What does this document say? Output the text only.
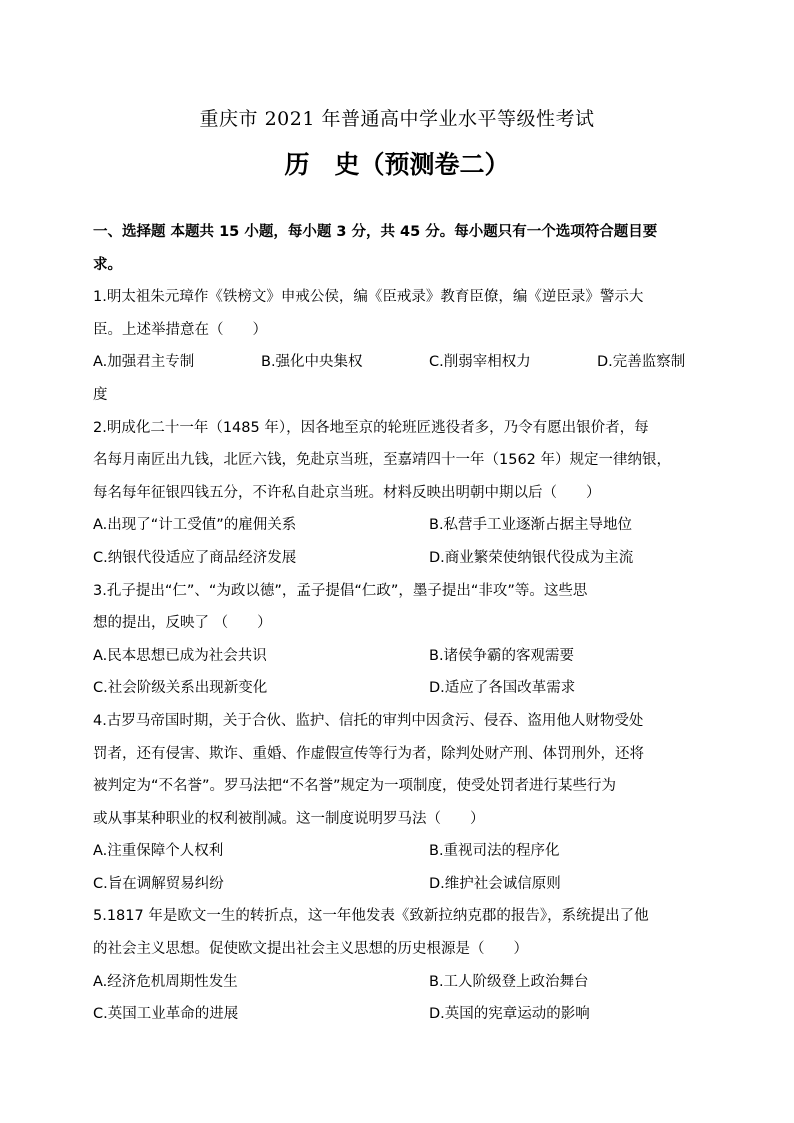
重庆市 2021 年普通高中学业水平等级性考试
历　史（预测卷二）
一、选择题 本题共 15 小题，每小题 3 分，共 45 分。每小题只有一个选项符合题目要
求。
1.明太祖朱元璋作《铁榜文》申戒公侯，编《臣戒录》教育臣僚，编《逆臣录》警示大
臣。上述举措意在（　　）
A.加强君主专制	B.强化中央集权	C.削弱宰相权力	D.完善监察制
度
2.明成化二十一年（1485 年），因各地至京的轮班匠逃役者多，乃令有愿出银价者，每
名每月南匠出九钱，北匠六钱，免赴京当班，至嘉靖四十一年（1562 年）规定一律纳银，
每名每年征银四钱五分，不许私自赴京当班。材料反映出明朝中期以后（　　）
A.出现了“计工受值”的雇佣关系	B.私营手工业逐渐占据主导地位
C.纳银代役适应了商品经济发展	D.商业繁荣使纳银代役成为主流
3.孔子提出“仁”、“为政以德”，孟子提倡“仁政”，墨子提出“非攻”等。这些思
想的提出，反映了 （　　）
A.民本思想已成为社会共识	B.诸侯争霸的客观需要
C.社会阶级关系出现新变化	D.适应了各国改革需求
4.古罗马帝国时期，关于合伙、监护、信托的审判中因贪污、侵吞、盗用他人财物受处
罚者，还有侵害、欺诈、重婚、作虚假宣传等行为者，除判处财产刑、体罚刑外，还将
被判定为“不名誉”。罗马法把“不名誉”规定为一项制度，使受处罚者进行某些行为
或从事某种职业的权利被削减。这一制度说明罗马法（　　）
A.注重保障个人权利	B.重视司法的程序化
C.旨在调解贸易纠纷	D.维护社会诚信原则
5.1817 年是欧文一生的转折点，这一年他发表《致新拉纳克郡的报告》，系统提出了他
的社会主义思想。促使欧文提出社会主义思想的历史根源是（　　）
A.经济危机周期性发生	B.工人阶级登上政治舞台
C.英国工业革命的进展	D.英国的宪章运动的影响
